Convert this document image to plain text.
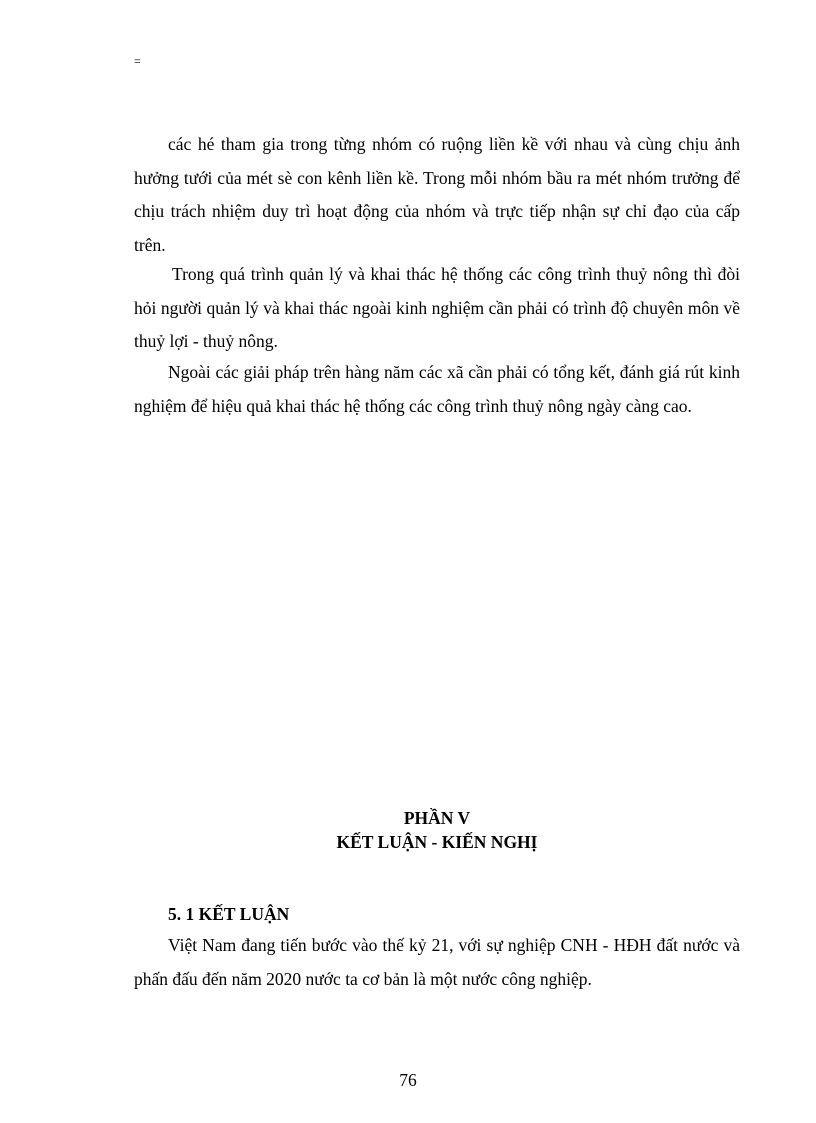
=

các hé tham gia trong từng nhóm có ruộng liền kề với nhau và cùng chịu ảnh hưởng tưới của mét sè con kênh liền kề. Trong mỗi nhóm bầu ra mét nhóm trưởng để chịu trách nhiệm duy trì hoạt động của nhóm và trực tiếp nhận sự chỉ đạo của cấp trên.

Trong quá trình quản lý và khai thác hệ thống các công trình thuỷ nông thì đòi hỏi người quản lý và khai thác ngoài kinh nghiệm cần phải có trình độ chuyên môn về thuỷ lợi - thuỷ nông.

Ngoài các giải pháp trên hàng năm các xã cần phải có tổng kết, đánh giá rút kinh nghiệm để hiệu quả khai thác hệ thống các công trình thuỷ nông ngày càng cao.

PHẦN V
KẾT LUẬN - KIẾN NGHỊ
5. 1 KẾT LUẬN

Việt Nam đang tiến bước vào thế kỷ 21, với sự nghiệp CNH - HĐH đất nước và phấn đấu đến năm 2020 nước ta cơ bản là một nước công nghiệp.

76
